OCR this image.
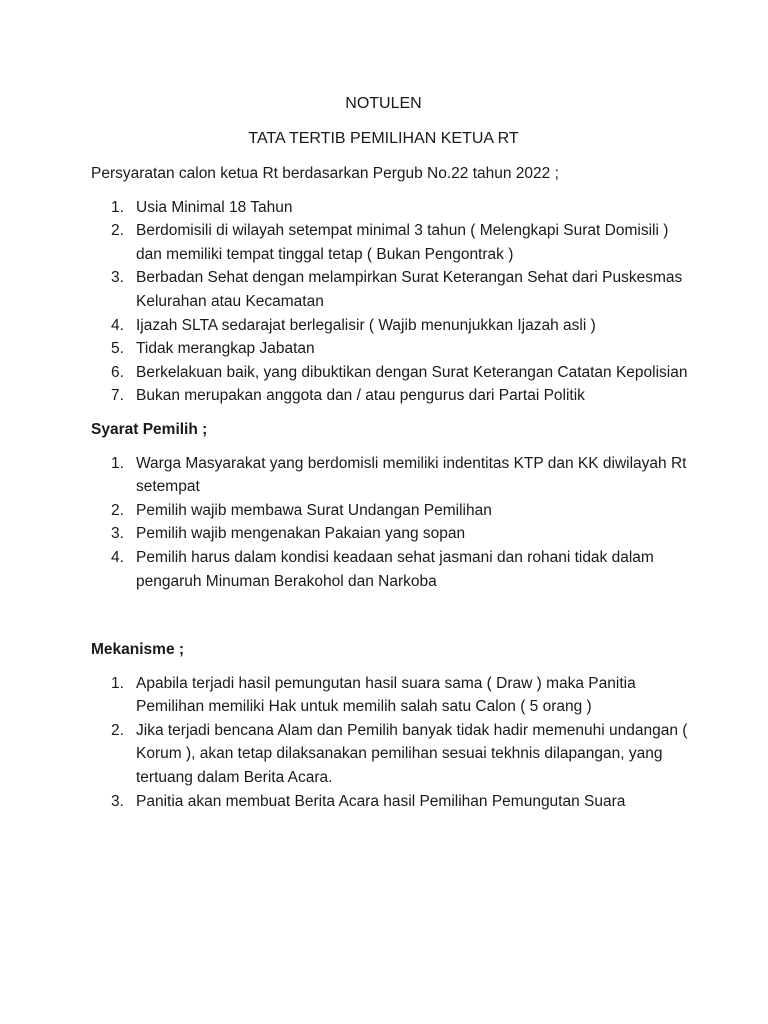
NOTULEN
TATA TERTIB PEMILIHAN KETUA RT
Persyaratan calon ketua Rt berdasarkan Pergub No.22 tahun 2022 ;
1. Usia Minimal 18 Tahun
2. Berdomisili di wilayah setempat minimal 3 tahun ( Melengkapi Surat Domisili ) dan memiliki tempat tinggal tetap ( Bukan Pengontrak )
3. Berbadan Sehat dengan melampirkan Surat Keterangan Sehat dari Puskesmas Kelurahan atau Kecamatan
4. Ijazah SLTA sedarajat berlegalisir ( Wajib menunjukkan Ijazah asli )
5. Tidak merangkap Jabatan
6. Berkelakuan baik, yang dibuktikan dengan Surat Keterangan Catatan Kepolisian
7. Bukan merupakan anggota dan / atau pengurus dari Partai Politik
Syarat Pemilih ;
1. Warga Masyarakat yang berdomisli memiliki indentitas KTP dan KK diwilayah Rt setempat
2. Pemilih wajib membawa Surat Undangan Pemilihan
3. Pemilih wajib mengenakan Pakaian yang sopan
4. Pemilih harus dalam kondisi keadaan sehat jasmani dan rohani tidak dalam pengaruh Minuman Berakohol dan Narkoba
Mekanisme ;
1. Apabila terjadi hasil pemungutan hasil suara sama ( Draw ) maka Panitia Pemilihan memiliki Hak untuk memilih salah satu Calon ( 5 orang )
2. Jika terjadi bencana Alam dan Pemilih banyak tidak hadir memenuhi undangan ( Korum ), akan tetap dilaksanakan pemilihan sesuai tekhnis dilapangan, yang tertuang dalam Berita Acara.
3. Panitia akan membuat Berita Acara hasil Pemilihan Pemungutan Suara
